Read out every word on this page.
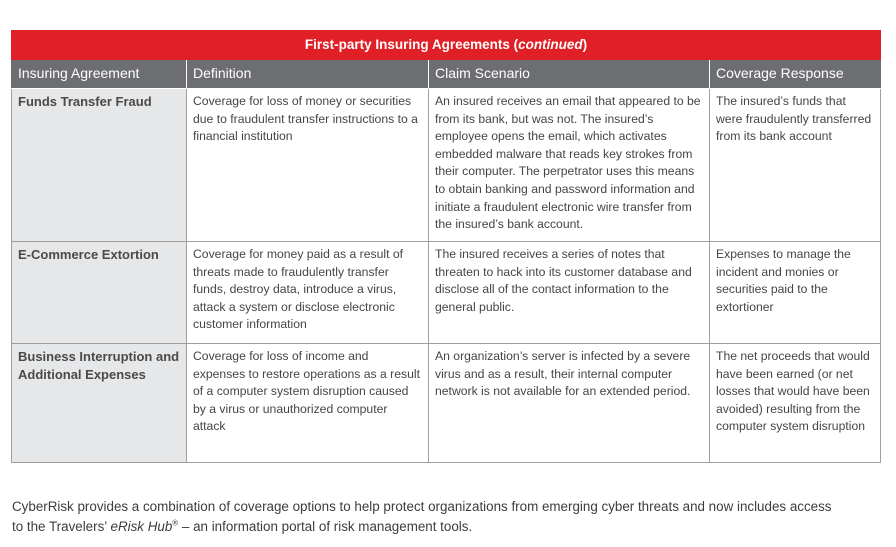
First-party Insuring Agreements (continued)			
Insuring Agreement	Definition	Claim Scenario	Coverage Response
Funds Transfer Fraud	Coverage for loss of money or securities due to fraudulent transfer instructions to a financial institution	An insured receives an email that appeared to be from its bank, but was not. The insured’s employee opens the email, which activates embedded malware that reads key strokes from their computer. The perpetrator uses this means to obtain banking and password information and initiate a fraudulent electronic wire transfer from the insured’s bank account.	The insured’s funds that were fraudulently transferred from its bank account
E-Commerce Extortion	Coverage for money paid as a result of threats made to fraudulently transfer funds, destroy data, introduce a virus, attack a system or disclose electronic customer information	The insured receives a series of notes that threaten to hack into its customer database and disclose all of the contact information to the general public.	Expenses to manage the incident and monies or securities paid to the extortioner
Business Interruption and Additional Expenses	Coverage for loss of income and expenses to restore operations as a result of a computer system disruption caused by a virus or unauthorized computer attack	An organization’s server is infected by a severe virus and as a result, their internal computer network is not available for an extended period.	The net proceeds that would have been earned (or net losses that would have been avoided) resulting from the computer system disruption

CyberRisk provides a combination of coverage options to help protect organizations from emerging cyber threats and now includes access to the Travelers’ eRisk Hub® – an information portal of risk management tools.
